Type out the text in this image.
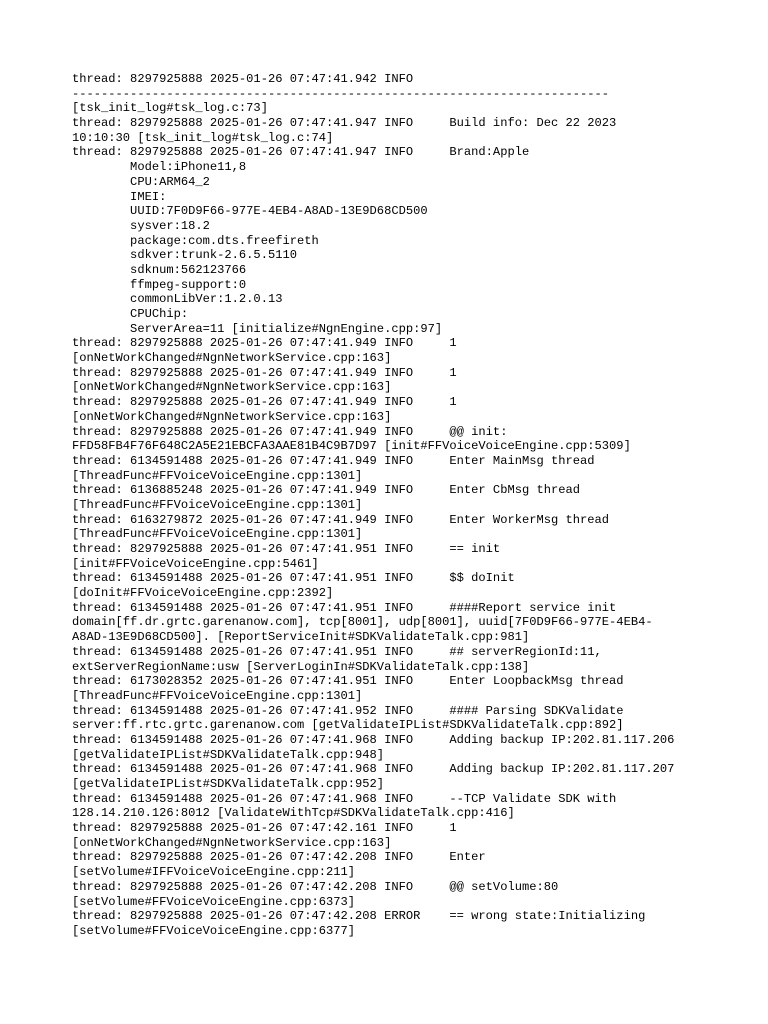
thread: 8297925888 2025-01-26 07:47:41.942 INFO
--------------------------------------------------------------------------
[tsk_init_log#tsk_log.c:73]
thread: 8297925888 2025-01-26 07:47:41.947 INFO     Build info: Dec 22 2023
10:10:30 [tsk_init_log#tsk_log.c:74]
thread: 8297925888 2025-01-26 07:47:41.947 INFO     Brand:Apple
Model:iPhone11,8
CPU:ARM64_2
IMEI:
UUID:7F0D9F66-977E-4EB4-A8AD-13E9D68CD500
sysver:18.2
package:com.dts.freefireth
sdkver:trunk-2.6.5.5110
sdknum:562123766
ffmpeg-support:0
commonLibVer:1.2.0.13
CPUChip:
ServerArea=11 [initialize#NgnEngine.cpp:97]
thread: 8297925888 2025-01-26 07:47:41.949 INFO     1
[onNetWorkChanged#NgnNetworkService.cpp:163]
thread: 8297925888 2025-01-26 07:47:41.949 INFO     1
[onNetWorkChanged#NgnNetworkService.cpp:163]
thread: 8297925888 2025-01-26 07:47:41.949 INFO     1
[onNetWorkChanged#NgnNetworkService.cpp:163]
thread: 8297925888 2025-01-26 07:47:41.949 INFO     @@ init:
FFD58FB4F76F648C2A5E21EBCFA3AAE81B4C9B7D97 [init#FFVoiceVoiceEngine.cpp:5309]
thread: 6134591488 2025-01-26 07:47:41.949 INFO     Enter MainMsg thread
[ThreadFunc#FFVoiceVoiceEngine.cpp:1301]
thread: 6136885248 2025-01-26 07:47:41.949 INFO     Enter CbMsg thread
[ThreadFunc#FFVoiceVoiceEngine.cpp:1301]
thread: 6163279872 2025-01-26 07:47:41.949 INFO     Enter WorkerMsg thread
[ThreadFunc#FFVoiceVoiceEngine.cpp:1301]
thread: 8297925888 2025-01-26 07:47:41.951 INFO     == init
[init#FFVoiceVoiceEngine.cpp:5461]
thread: 6134591488 2025-01-26 07:47:41.951 INFO     $$ doInit
[doInit#FFVoiceVoiceEngine.cpp:2392]
thread: 6134591488 2025-01-26 07:47:41.951 INFO     ####Report service init
domain[ff.dr.grtc.garenanow.com], tcp[8001], udp[8001], uuid[7F0D9F66-977E-4EB4-
A8AD-13E9D68CD500]. [ReportServiceInit#SDKValidateTalk.cpp:981]
thread: 6134591488 2025-01-26 07:47:41.951 INFO     ## serverRegionId:11,
extServerRegionName:usw [ServerLoginIn#SDKValidateTalk.cpp:138]
thread: 6173028352 2025-01-26 07:47:41.951 INFO     Enter LoopbackMsg thread
[ThreadFunc#FFVoiceVoiceEngine.cpp:1301]
thread: 6134591488 2025-01-26 07:47:41.952 INFO     #### Parsing SDKValidate
server:ff.rtc.grtc.garenanow.com [getValidateIPList#SDKValidateTalk.cpp:892]
thread: 6134591488 2025-01-26 07:47:41.968 INFO     Adding backup IP:202.81.117.206
[getValidateIPList#SDKValidateTalk.cpp:948]
thread: 6134591488 2025-01-26 07:47:41.968 INFO     Adding backup IP:202.81.117.207
[getValidateIPList#SDKValidateTalk.cpp:952]
thread: 6134591488 2025-01-26 07:47:41.968 INFO     --TCP Validate SDK with
128.14.210.126:8012 [ValidateWithTcp#SDKValidateTalk.cpp:416]
thread: 8297925888 2025-01-26 07:47:42.161 INFO     1
[onNetWorkChanged#NgnNetworkService.cpp:163]
thread: 8297925888 2025-01-26 07:47:42.208 INFO     Enter
[setVolume#IFFVoiceVoiceEngine.cpp:211]
thread: 8297925888 2025-01-26 07:47:42.208 INFO     @@ setVolume:80
[setVolume#FFVoiceVoiceEngine.cpp:6373]
thread: 8297925888 2025-01-26 07:47:42.208 ERROR    == wrong state:Initializing
[setVolume#FFVoiceVoiceEngine.cpp:6377]
